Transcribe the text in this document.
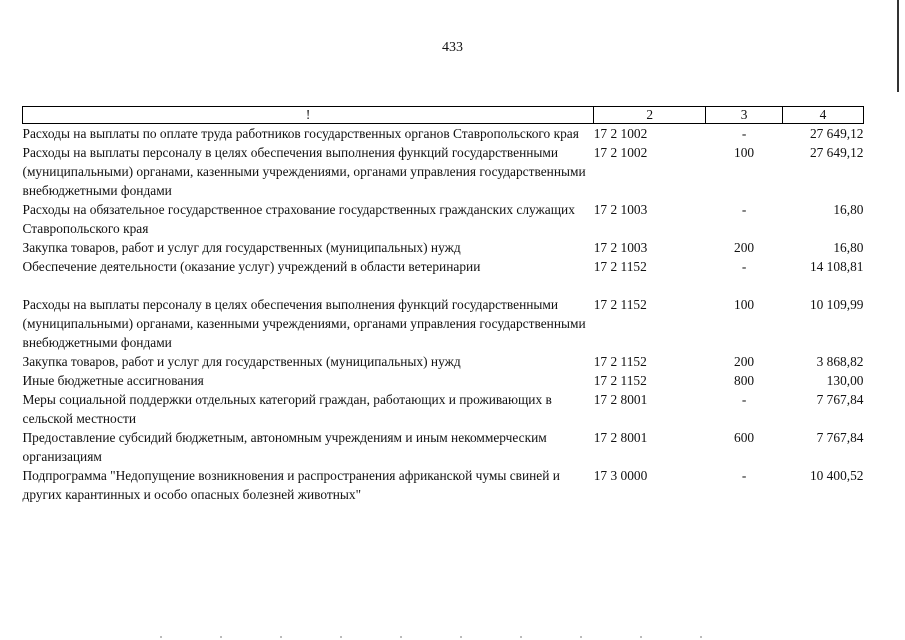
433
!	2	3	4
Расходы на выплаты по оплате труда работников государственных органов Ставропольского края	17 2 1002	-	27 649,12
Расходы на выплаты персоналу в целях обеспечения выполнения функций государственными (муниципальными) органами, казенными учреждениями, органами управления государственными внебюджетными фондами	17 2 1002	100	27 649,12
Расходы на обязательное государственное страхование государственных гражданских служащих Ставропольского края	17 2 1003	-	16,80
Закупка товаров, работ и услуг для государственных (муниципальных) нужд	17 2 1003	200	16,80
Обеспечение деятельности (оказание услуг) учреждений в области ветеринарии	17 2 1152	-	14 108,81
Расходы на выплаты персоналу в целях обеспечения выполнения функций государственными (муниципальными) органами, казенными учреждениями, органами управления государственными внебюджетными фондами	17 2 1152	100	10 109,99
Закупка товаров, работ и услуг для государственных (муниципальных) нужд	17 2 1152	200	3 868,82
Иные бюджетные ассигнования	17 2 1152	800	130,00
Меры социальной поддержки отдельных категорий граждан, работающих и проживающих в сельской местности	17 2 8001	-	7 767,84
Предоставление субсидий бюджетным, автономным учреждениям и иным некоммерческим организациям	17 2 8001	600	7 767,84
Подпрограмма "Недопущение возникновения и распространения африканской чумы свиней и других карантинных и особо опасных болезней животных"	17 3 0000	-	10 400,52
